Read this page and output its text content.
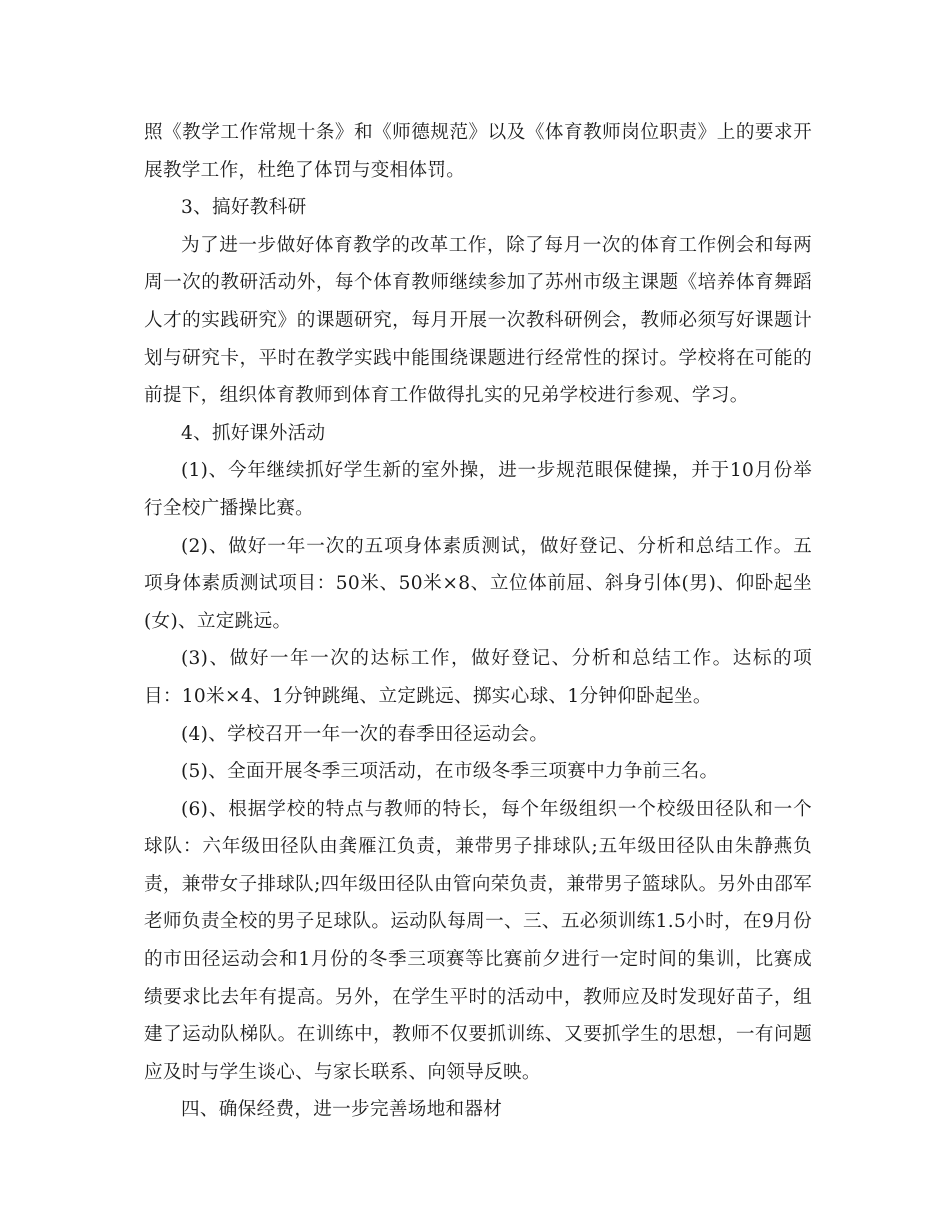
照《教学工作常规十条》和《师德规范》以及《体育教师岗位职责》上的要求开展教学工作，杜绝了体罚与变相体罚。

3、搞好教科研

为了进一步做好体育教学的改革工作，除了每月一次的体育工作例会和每两周一次的教研活动外，每个体育教师继续参加了苏州市级主课题《培养体育舞蹈人才的实践研究》的课题研究，每月开展一次教科研例会，教师必须写好课题计划与研究卡，平时在教学实践中能围绕课题进行经常性的探讨。学校将在可能的前提下，组织体育教师到体育工作做得扎实的兄弟学校进行参观、学习。

4、抓好课外活动

(1)、今年继续抓好学生新的室外操，进一步规范眼保健操，并于10月份举行全校广播操比赛。

(2)、做好一年一次的五项身体素质测试，做好登记、分析和总结工作。五项身体素质测试项目：50米、50米×8、立位体前屈、斜身引体(男)、仰卧起坐(女)、立定跳远。

(3)、做好一年一次的达标工作，做好登记、分析和总结工作。达标的项目：10米×4、1分钟跳绳、立定跳远、掷实心球、1分钟仰卧起坐。

(4)、学校召开一年一次的春季田径运动会。

(5)、全面开展冬季三项活动，在市级冬季三项赛中力争前三名。

(6)、根据学校的特点与教师的特长，每个年级组织一个校级田径队和一个球队：六年级田径队由龚雁江负责，兼带男子排球队;五年级田径队由朱静燕负责，兼带女子排球队;四年级田径队由管向荣负责，兼带男子篮球队。另外由邵军老师负责全校的男子足球队。运动队每周一、三、五必须训练1.5小时，在9月份的市田径运动会和1月份的冬季三项赛等比赛前夕进行一定时间的集训，比赛成绩要求比去年有提高。另外，在学生平时的活动中，教师应及时发现好苗子，组建了运动队梯队。在训练中，教师不仅要抓训练、又要抓学生的思想，一有问题应及时与学生谈心、与家长联系、向领导反映。

四、确保经费，进一步完善场地和器材
